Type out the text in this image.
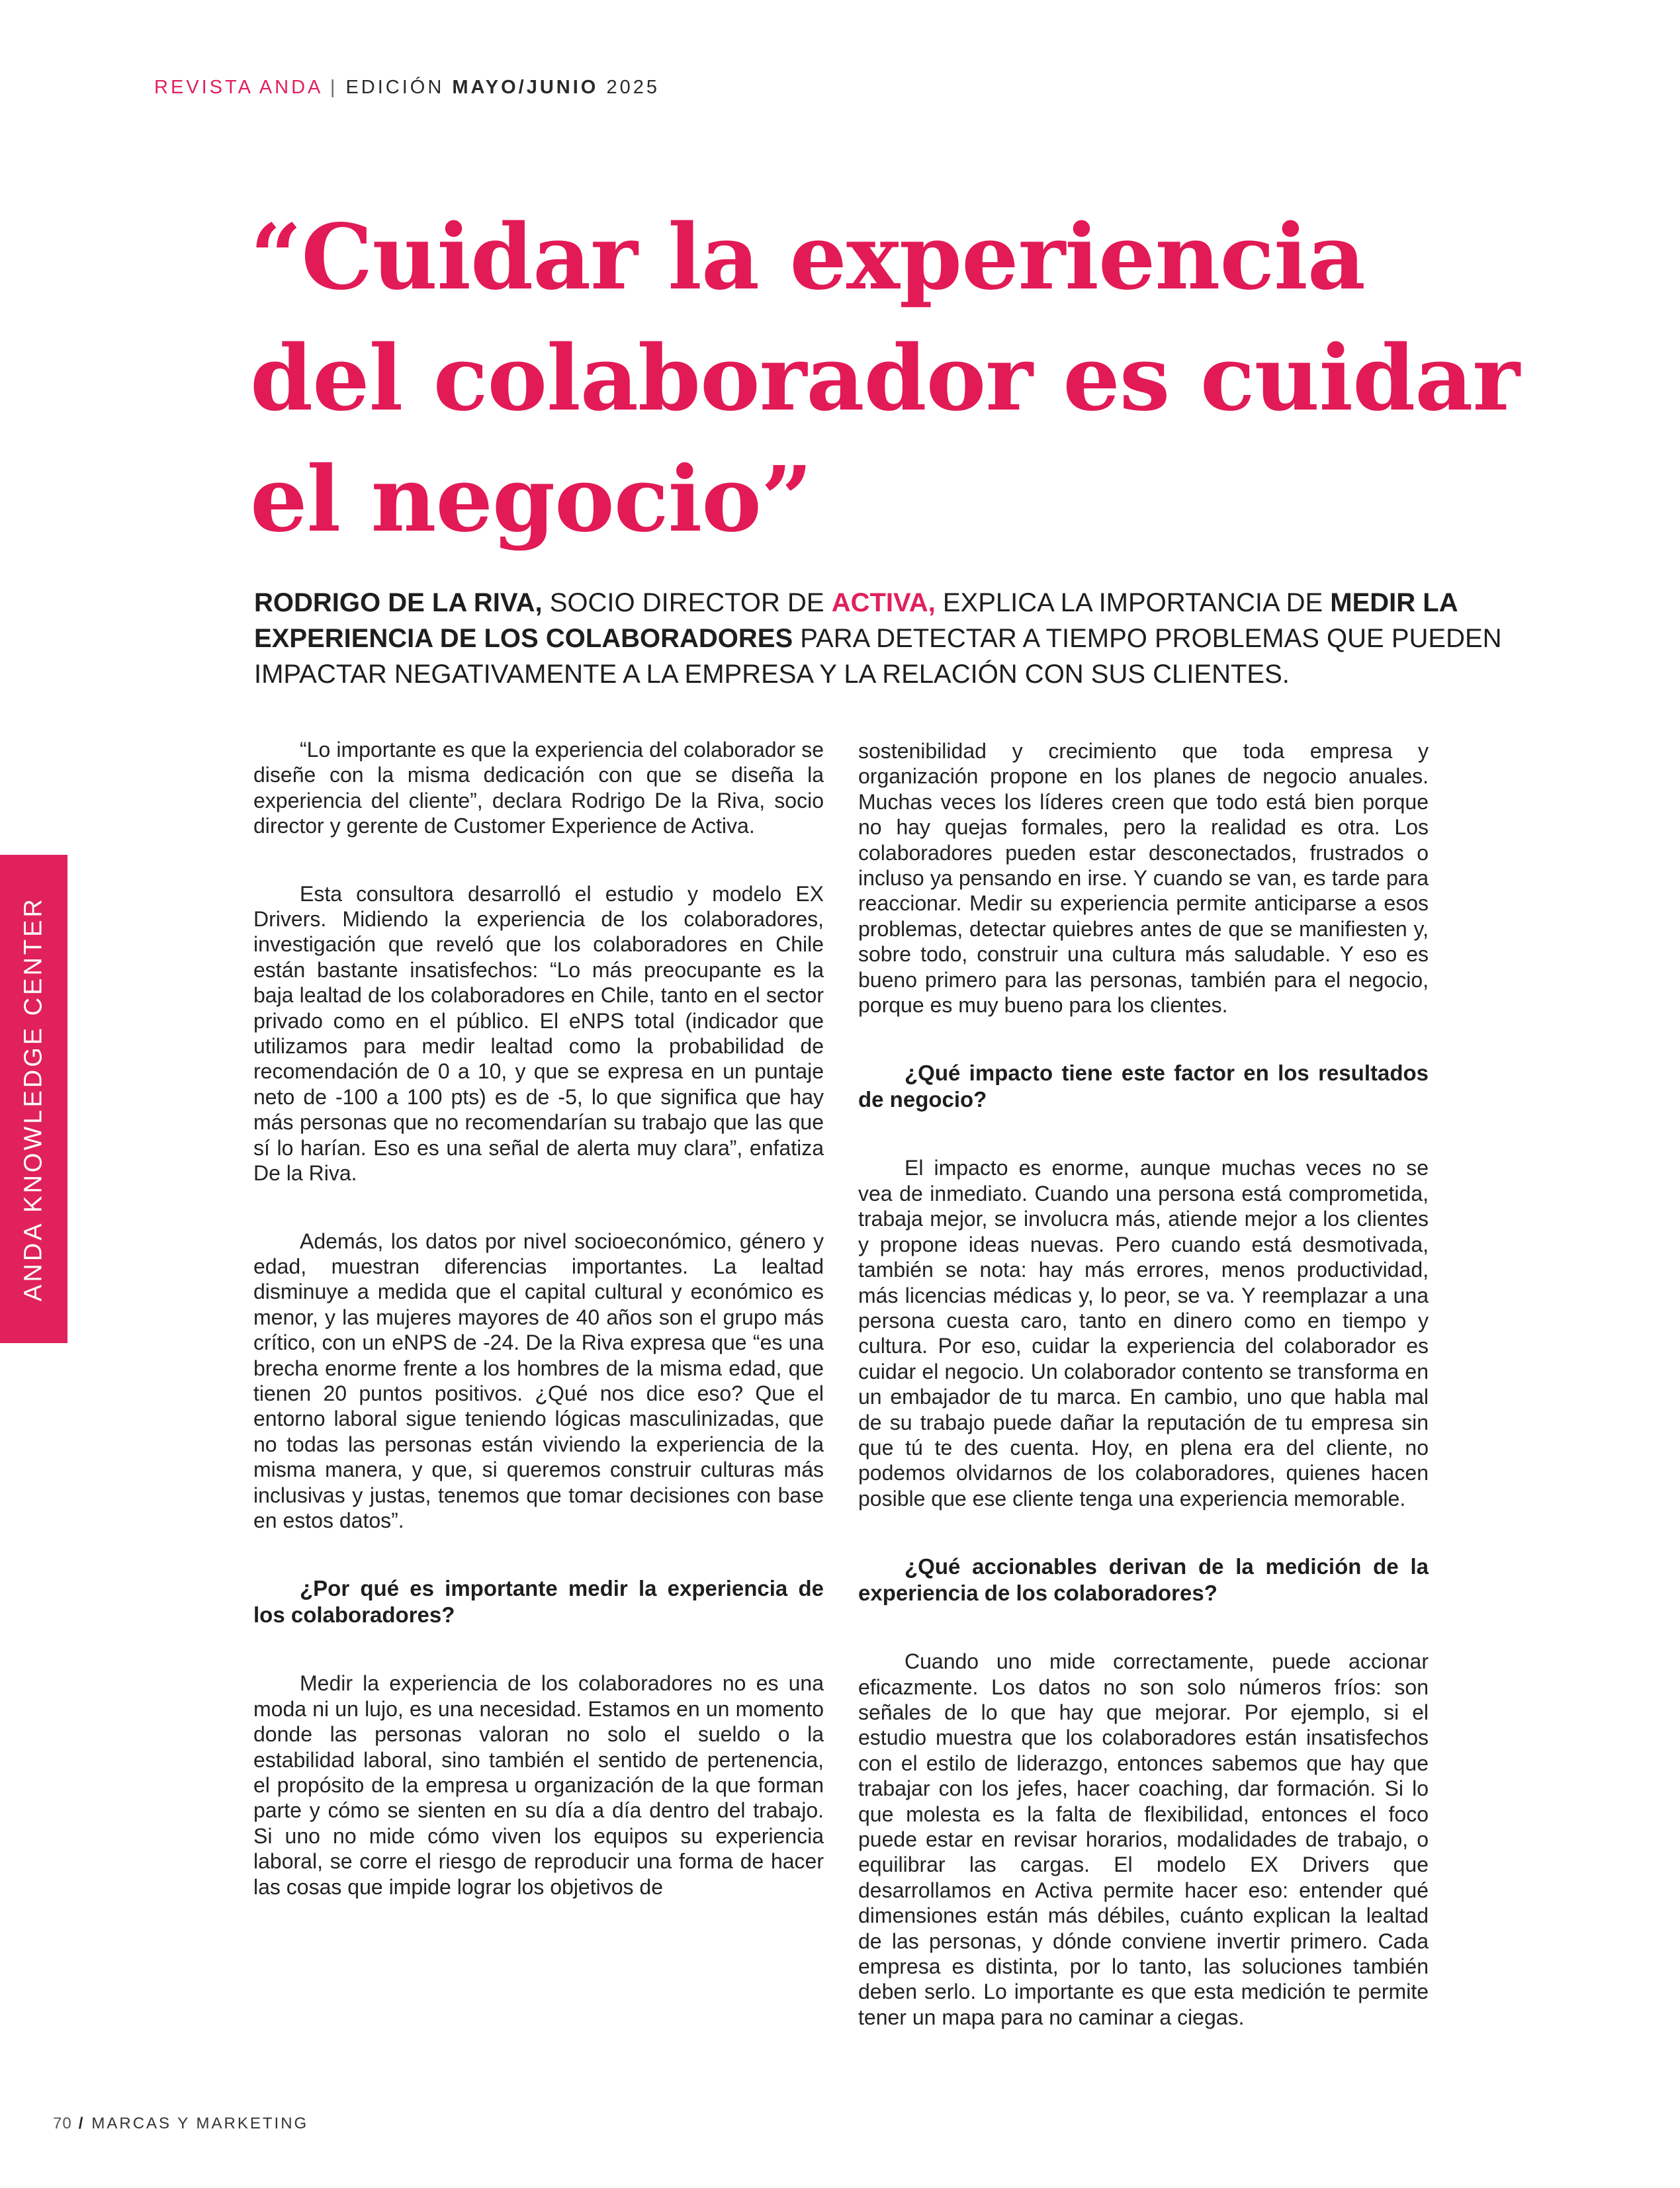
REVISTA ANDA | EDICIÓN MAYO/JUNIO 2025
“Cuidar la experiencia del colaborador es cuidar el negocio”

RODRIGO DE LA RIVA, SOCIO DIRECTOR DE ACTIVA, EXPLICA LA IMPORTANCIA DE MEDIR LA EXPERIENCIA DE LOS COLABORADORES PARA DETECTAR A TIEMPO PROBLEMAS QUE PUEDEN IMPACTAR NEGATIVAMENTE A LA EMPRESA Y LA RELACIÓN CON SUS CLIENTES.

ANDA KNOWLEDGE CENTER

“Lo importante es que la experiencia del colaborador se diseñe con la misma dedicación con que se diseña la experiencia del cliente”, declara Rodrigo De la Riva, socio director y gerente de Customer Experience de Activa.

Esta consultora desarrolló el estudio y modelo EX Drivers. Midiendo la experiencia de los colaboradores, investigación que reveló que los colaboradores en Chile están bastante insatisfechos: “Lo más preocupante es la baja lealtad de los colaboradores en Chile, tanto en el sector privado como en el público. El eNPS total (indicador que utilizamos para medir lealtad como la probabilidad de recomendación de 0 a 10, y que se expresa en un puntaje neto de -100 a 100 pts) es de -5, lo que significa que hay más personas que no recomendarían su trabajo que las que sí lo harían. Eso es una señal de alerta muy clara”, enfatiza De la Riva.

Además, los datos por nivel socioeconómico, género y edad, muestran diferencias importantes. La lealtad disminuye a medida que el capital cultural y económico es menor, y las mujeres mayores de 40 años son el grupo más crítico, con un eNPS de -24. De la Riva expresa que “es una brecha enorme frente a los hombres de la misma edad, que tienen 20 puntos positivos. ¿Qué nos dice eso? Que el entorno laboral sigue teniendo lógicas masculinizadas, que no todas las personas están viviendo la experiencia de la misma manera, y que, si queremos construir culturas más inclusivas y justas, tenemos que tomar decisiones con base en estos datos”.

¿Por qué es importante medir la experiencia de los colaboradores?

Medir la experiencia de los colaboradores no es una moda ni un lujo, es una necesidad. Estamos en un momento donde las personas valoran no solo el sueldo o la estabilidad laboral, sino también el sentido de pertenencia, el propósito de la empresa u organización de la que forman parte y cómo se sienten en su día a día dentro del trabajo. Si uno no mide cómo viven los equipos su experiencia laboral, se corre el riesgo de reproducir una forma de hacer las cosas que impide lograr los objetivos de

sostenibilidad y crecimiento que toda empresa y organización propone en los planes de negocio anuales. Muchas veces los líderes creen que todo está bien porque no hay quejas formales, pero la realidad es otra. Los colaboradores pueden estar desconectados, frustrados o incluso ya pensando en irse. Y cuando se van, es tarde para reaccionar. Medir su experiencia permite anticiparse a esos problemas, detectar quiebres antes de que se manifiesten y, sobre todo, construir una cultura más saludable. Y eso es bueno primero para las personas, también para el negocio, porque es muy bueno para los clientes.

¿Qué impacto tiene este factor en los resultados de negocio?

El impacto es enorme, aunque muchas veces no se vea de inmediato. Cuando una persona está comprometida, trabaja mejor, se involucra más, atiende mejor a los clientes y propone ideas nuevas. Pero cuando está desmotivada, también se nota: hay más errores, menos productividad, más licencias médicas y, lo peor, se va. Y reemplazar a una persona cuesta caro, tanto en dinero como en tiempo y cultura. Por eso, cuidar la experiencia del colaborador es cuidar el negocio. Un colaborador contento se transforma en un embajador de tu marca. En cambio, uno que habla mal de su trabajo puede dañar la reputación de tu empresa sin que tú te des cuenta. Hoy, en plena era del cliente, no podemos olvidarnos de los colaboradores, quienes hacen posible que ese cliente tenga una experiencia memorable.

¿Qué accionables derivan de la medición de la experiencia de los colaboradores?

Cuando uno mide correctamente, puede accionar eficazmente. Los datos no son solo números fríos: son señales de lo que hay que mejorar. Por ejemplo, si el estudio muestra que los colaboradores están insatisfechos con el estilo de liderazgo, entonces sabemos que hay que trabajar con los jefes, hacer coaching, dar formación. Si lo que molesta es la falta de flexibilidad, entonces el foco puede estar en revisar horarios, modalidades de trabajo, o equilibrar las cargas. El modelo EX Drivers que desarrollamos en Activa permite hacer eso: entender qué dimensiones están más débiles, cuánto explican la lealtad de las personas, y dónde conviene invertir primero. Cada empresa es distinta, por lo tanto, las soluciones también deben serlo. Lo importante es que esta medición te permite tener un mapa para no caminar a ciegas.

70 / MARCAS Y MARKETING
